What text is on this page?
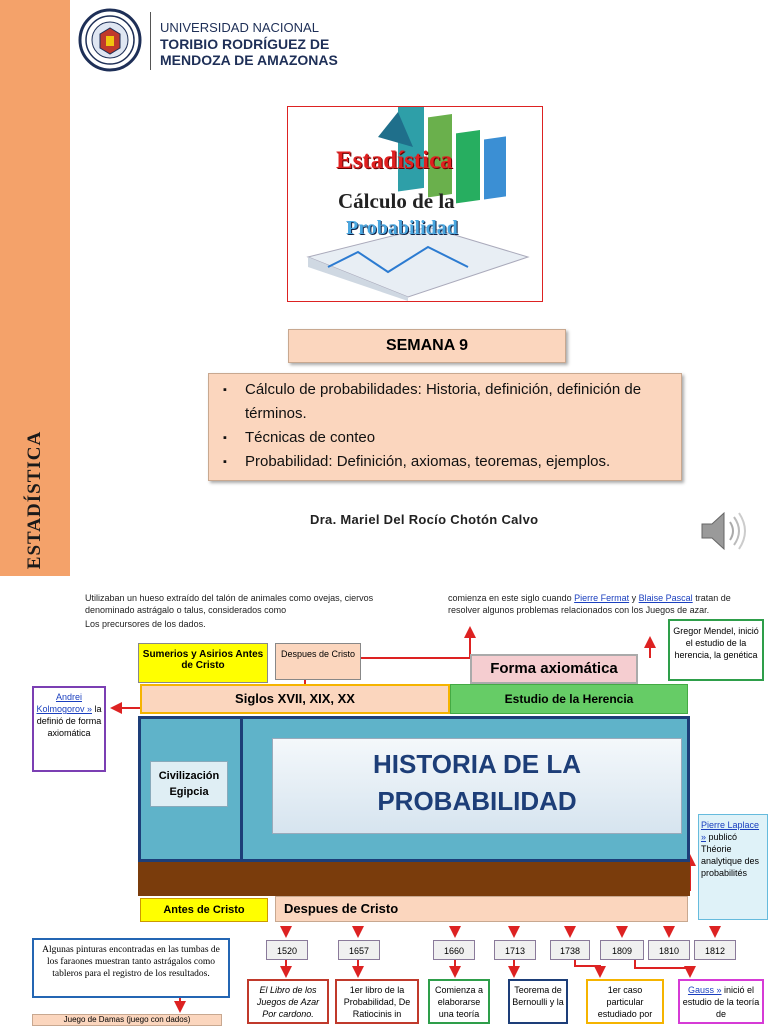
ESTADÍSTICA
UNIVERSIDAD NACIONAL
TORIBIO RODRÍGUEZ DE
MENDOZA DE AMAZONAS
Estadística
Cálculo de la
Probabilidad
SEMANA 9
▪ Cálculo de probabilidades: Historia, definición, definición de términos.
▪ Técnicas de conteo
▪ Probabilidad: Definición, axiomas, teoremas, ejemplos.
Dra. Mariel Del Rocío Chotón Calvo
Utilizaban un hueso extraído del talón de animales como ovejas, ciervos denominado astrágalo o talus, considerados como
Los precursores de los dados.
comienza en este siglo cuando Pierre Fermat y Blaise Pascal tratan de resolver algunos problemas relacionados con los Juegos de azar.
Sumerios y Asirios Antes de Cristo
Despues de Cristo
Forma axiomática
Gregor Mendel, inició el estudio de la herencia, la genética
Siglos XVII, XIX, XX	Estudio de la Herencia
Andrei Kolmogorov » la definió de forma axiomática
Civilización Egipcia
HISTORIA DE LA
PROBABILIDAD
Pierre Laplace » publicó Théorie analytique des probabilités
Antes de Cristo	Despues de Cristo
Algunas pinturas encontradas en las tumbas de los faraones muestran tanto astrágalos como tableros para el registro de los resultados.
Juego de Damas (juego con dados)
1520	1657	1660	1713	1738	1809	1810	1812
El Libro de los Juegos de Azar Por cardono.
1er libro de la Probabilidad, De Ratiocinis in
Comienza a elaborarse una teoría
Teorema de Bernoulli y la
1er caso particular estudiado por
Gauss » inició el estudio de la teoría de
